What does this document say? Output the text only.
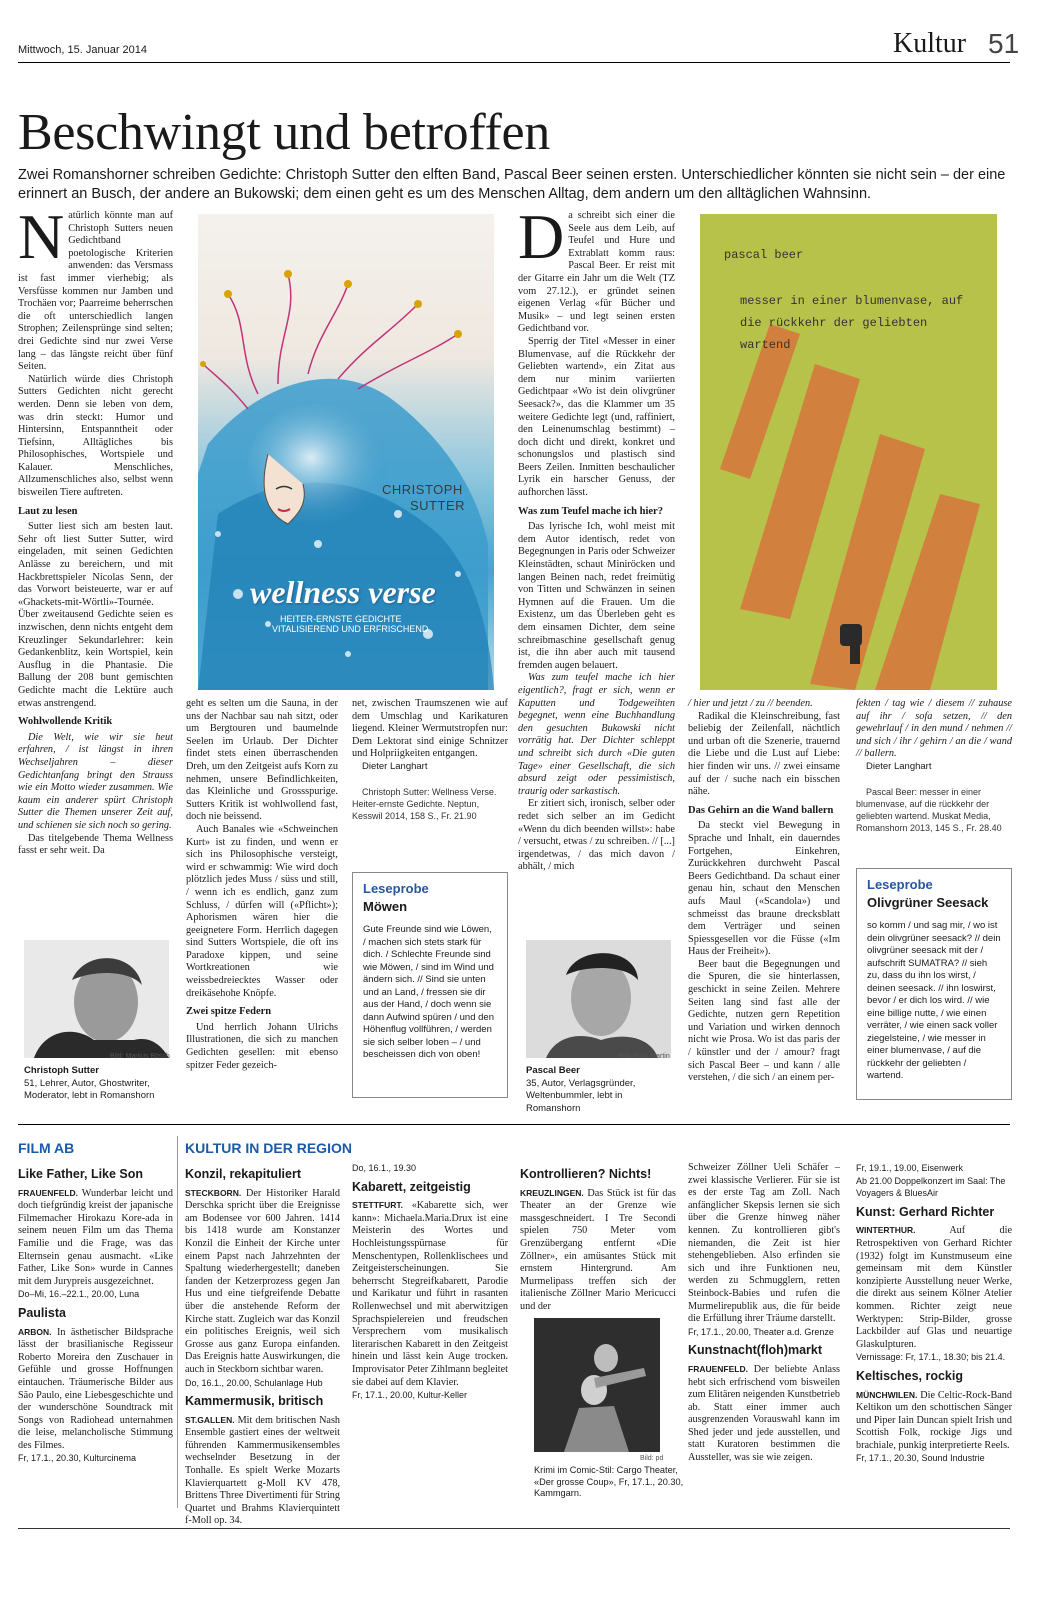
Mittwoch, 15. Januar 2014	Kultur 51
Beschwingt und betroffen
Zwei Romanshorner schreiben Gedichte: Christoph Sutter den elften Band, Pascal Beer seinen ersten. Unterschiedlicher könnten sie nicht sein – der eine erinnert an Busch, der andere an Bukowski; dem einen geht es um des Menschen Alltag, dem andern um den alltäglichen Wahnsinn.
N atürlich könnte man auf Christoph Sutters neuen Gedichtband poetologische Kriterien anwenden: das Versmass ist fast immer vierhebig; als Versfüsse kommen nur Jamben und Trochäen vor; Paarreime beherrschen die oft unterschiedlich langen Strophen; Zeilensprünge sind selten; drei Gedichte sind nur zwei Verse lang – das längste reicht über fünf Seiten.

Natürlich würde dies Christoph Sutters Gedichten nicht gerecht werden. Denn sie leben von dem, was drin steckt: Humor und Hintersinn, Entspanntheit oder Tiefsinn, Alltägliches bis Philosophisches, Wortspiele und Kalauer. Menschliches, Allzumenschliches also, selbst wenn bisweilen Tiere auftreten.

Laut zu lesen

Sutter liest sich am besten laut. Sehr oft liest Sutter Sutter, wird eingeladen, mit seinen Gedichten Anlässe zu bereichern, und mit Hackbrettspieler Nicolas Senn, der das Vorwort beisteuerte, war er auf «Ghackets-mit-Wörtli»-Tournée. Über zweitausend Gedichte seien es inzwischen, denn nichts entgeht dem Kreuzlinger Sekundarlehrer: kein Gedankenblitz, kein Wortspiel, kein Ausflug in die Phantasie. Die Ballung der 208 bunt gemischten Gedichte macht die Lektüre auch etwas anstrengend.

Wohlwollende Kritik

Die Welt, wie wir sie heut erfahren, / ist längst in ihren Wechseljahren – dieser Gedichtanfang bringt den Strauss wie ein Motto wieder zusammen. Wie kaum ein anderer spürt Christoph Sutter die Themen unserer Zeit auf, und schienen sie sich noch so gering.

Das titelgebende Thema Wellness fasst er sehr weit. Da

CHRISTOPH
SUTTER
wellness verse
HEITER-ERNSTE GEDICHTE
VITALISIEREND UND ERFRISCHEND

geht es selten um die Sauna, in der uns der Nachbar sau nah sitzt, oder um Bergtouren und baumelnde Seelen im Urlaub. Der Dichter findet stets einen überraschenden Dreh, um den Zeitgeist aufs Korn zu nehmen, unsere Befindlichkeiten, das Kleinliche und Grossspurige. Sutters Kritik ist wohlwollend fast, doch nie beissend.

Auch Banales wie «Schweinchen Kurt» ist zu finden, und wenn er sich ins Philosophische versteigt, wird er schwammig: Wie wird doch plötzlich jedes Muss / süss und still, / wenn ich es endlich, ganz zum Schluss, / dürfen will («Pflicht»); Aphorismen wären hier die geeignetere Form. Herrlich dagegen sind Sutters Wortspiele, die oft ins Paradoxe kippen, und seine Wortkreationen wie weissbedreiecktes Wasser oder dreikäsehohe Knöpfe.

Zwei spitze Federn

Und herrlich Johann Ulrichs Illustrationen, die sich zu manchen Gedichten gesellen: mit ebenso spitzer Feder gezeich-

net, zwischen Traumszenen wie auf dem Umschlag und Karikaturen liegend. Kleiner Wermutstropfen nur: Dem Lektorat sind einige Schnitzer und Holpriigkeiten entgangen.

Dieter Langhart

Christoph Sutter: Wellness Verse. Heiter-ernste Gedichte. Neptun, Kesswil 2014, 158 S., Fr. 21.90

Bild: Markus Bösch
Christoph Sutter
51, Lehrer, Autor, Ghostwriter, Moderator, lebt in Romanshorn
Leseprobe
Möwen
Gute Freunde sind wie Löwen, / machen sich stets stark für dich. / Schlechte Freunde sind wie Möwen, / sind im Wind und ändern sich. // Sind sie unten und an Land, / fressen sie dir aus der Hand, / doch wenn sie dann Aufwind spüren / und den Höhenflug vollführen, / werden sie sich selber loben – / und bescheissen dich von oben!
D a schreibt sich einer die Seele aus dem Leib, auf Teufel und Hure und Extrablatt komm raus: Pascal Beer. Er reist mit der Gitarre ein Jahr um die Welt (TZ vom 27.12.), er gründet seinen eigenen Verlag «für Bücher und Musik» – und legt seinen ersten Gedichtband vor.

Sperrig der Titel «Messer in einer Blumenvase, auf die Rückkehr der Geliebten wartend», ein Zitat aus dem nur minim variierten Gedichtpaar «Wo ist dein olivgrüner Seesack?», das die Klammer um 35 weitere Gedichte legt (und, raffiniert, den Leinenumschlag bestimmt) – doch dicht und direkt, konkret und schonungslos und plastisch sind Beers Zeilen. Inmitten beschaulicher Lyrik ein harscher Genuss, der aufhorchen lässt.

Was zum Teufel mache ich hier?

Das lyrische Ich, wohl meist mit dem Autor identisch, redet von Begegnungen in Paris oder Schweizer Kleinstädten, schaut Miniröcken und langen Beinen nach, redet freimütig von Titten und Schwänzen in seinen Hymnen auf die Frauen. Um die Existenz, um das Überleben geht es dem einsamen Dichter, dem seine schreibmaschine gesellschaft genug ist, die ihn aber auch mit tausend fremden augen belauert.

Was zum teufel mache ich hier eigentlich?, fragt er sich, wenn er Kaputten und Todgeweihten begegnet, wenn eine Buchhandlung den gesuchten Bukowski nicht vorrätig hat. Der Dichter schleppt und schreibt sich durch «Die guten Tage» einer Gesellschaft, die sich absurd zeigt oder pessimistisch, traurig oder sarkastisch.

Er zitiert sich, ironisch, selber oder redet sich selber an im Gedicht «Wenn du dich beenden willst»: habe / versucht, etwas / zu schreiben. // [...] irgendetwas, / das mich davon / abhält, / mich

pascal beer
messer in einer blumenvase, auf die rückkehr der geliebten wartend

/ hier und jetzt / zu // beenden.

Radikal die Kleinschreibung, fast beliebig der Zeilenfall, nächtlich und urban oft die Szenerie, trauernd die Liebe und die Lust auf Liebe: hier finden wir uns. // zwei einsame auf der / suche nach ein bisschen nähe.

Das Gehirn an die Wand ballern

Da steckt viel Bewegung in Sprache und Inhalt, ein dauerndes Fortgehen, Einkehren, Zurückkehren durchweht Pascal Beers Gedichtband. Da schaut einer genau hin, schaut den Menschen aufs Maul («Scandola») und schmeisst das braune drecksblatt dem Verträger und seinen Spiessgesellen vor die Füsse («Im Haus der Freiheit»).

Beer baut die Begegnungen und die Spuren, die sie hinterlassen, geschickt in seine Zeilen. Mehrere Seiten lang sind fast alle der Gedichte, nutzen gern Repetition und Variation und wirken dennoch nicht wie Prosa. Wo ist das paris der / künstler und der / amour? fragt sich Pascal Beer – und kann / alle verstehen, / die sich / an einem per-

fekten / tag wie / diesem // zuhause auf ihr / sofa setzen, // den gewehrlauf / in den mund / nehmen // und sich / ihr / gehirn / an die / wand // ballern.

Dieter Langhart

Pascal Beer: messer in einer blumenvase, auf die rückkehr der geliebten wartend. Muskat Media, Romanshorn 2013, 145 S., Fr. 28.40

Bild: Reto Martin
Pascal Beer
35, Autor, Verlagsgründer, Weltenbummler, lebt in Romanshorn
Leseprobe
Olivgrüner Seesack
so komm / und sag mir, / wo ist dein olivgrüner seesack? // dein olivgrüner seesack mit der / aufschrift SUMATRA? // sieh zu, dass du ihn los wirst, / deinen seesack. // ihn loswirst, bevor / er dich los wird. // wie eine billige nutte, / wie einen verräter, / wie einen sack voller ziegelsteine, / wie messer in einer blumenvase, / auf die rückkehr der geliebten / wartend.
FILM AB	KULTUR IN DER REGION
Like Father, Like Son

FRAUENFELD. Wunderbar leicht und doch tiefgründig kreist der japanische Filmemacher Hirokazu Kore-ada in seinem neuen Film um das Thema Familie und die Frage, was das Elternsein genau ausmacht. «Like Father, Like Son» wurde in Cannes mit dem Jurypreis ausgezeichnet.
Do–Mi, 16.–22.1., 20.00, Luna

Paulista

ARBON. In ästhetischer Bildsprache lässt der brasilianische Regisseur Roberto Moreira den Zuschauer in Gefühle und grosse Hoffnungen eintauchen. Träumerische Bilder aus São Paulo, eine Liebesgeschichte und der wunderschöne Soundtrack mit Songs von Radiohead unternahmen die leise, melancholische Stimmung des Filmes.
Fr, 17.1., 20.30, Kulturcinema

Konzil, rekapituliert

STECKBORN. Der Historiker Harald Derschka spricht über die Ereignisse am Bodensee vor 600 Jahren. 1414 bis 1418 wurde am Konstanzer Konzil die Einheit der Kirche unter einem Papst nach Jahrzehnten der Spaltung wiederhergestellt; daneben fanden der Ketzerprozess gegen Jan Hus und eine tiefgreifende Debatte über die anstehende Reform der Kirche statt. Zugleich war das Konzil ein politisches Ereignis, weil sich Grosse aus ganz Europa einfanden. Das Ereignis hatte Auswirkungen, die auch in Steckborn sichtbar waren.
Do, 16.1., 20.00, Schulanlage Hub

Kammermusik, britisch

ST.GALLEN. Mit dem britischen Nash Ensemble gastiert eines der weltweit führenden Kammermusikensembles wechselnder Besetzung in der Tonhalle. Es spielt Werke Mozarts Klavierquartett g-Moll KV 478, Brittens Three Divertimenti für String Quartet und Brahms Klavierquintett f-Moll op. 34.

Do, 16.1., 19.30

Kabarett, zeitgeistig

STETTFURT. «Kabarette sich, wer kann»: Michaela.Maria.Drux ist eine Meisterin des Wortes und Hochleistungsspürnase für Menschentypen, Rollenklischees und Zeitgeisterscheinungen. Sie beherrscht Stegreifkabarett, Parodie und Karikatur und führt in rasanten Rollenwechsel und mit aberwitzigen Sprachspielereien und freudschen Versprechern vom musikalisch literarischen Kabarett in den Zeitgeist hinein und lässt kein Auge trocken. Improvisator Peter Zihlmann begleitet sie dabei auf dem Klavier.
Fr, 17.1., 20.00, Kultur-Keller

Kontrollieren? Nichts!

KREUZLINGEN. Das Stück ist für das Theater an der Grenze wie massgeschneidert. I Tre Secondi spielen 750 Meter vom Grenzübergang entfernt «Die Zöllner», ein amüsantes Stück mit ernstem Hintergrund. Am Murmelipass treffen sich der italienische Zöllner Mario Mericucci und der

Bild: pd
Krimi im Comic-Stil: Cargo Theater, «Der grosse Coup», Fr, 17.1., 20.30, Kammgarn.

Schweizer Zöllner Ueli Schäfer – zwei klassische Verlierer. Für sie ist es der erste Tag am Zoll. Nach anfänglicher Skepsis lernen sie sich über die Grenze hinweg näher kennen. Zu kontrollieren gibt's niemanden, die Zeit ist hier stehengeblieben. Also erfinden sie sich und ihre Funktionen neu, werden zu Schmugglern, retten Steinbock-Babies und rufen die Murmelirepublik aus, die für beide die Erfüllung ihrer Träume darstellt.
Fr, 17.1., 20.00, Theater a.d. Grenze

Kunstnacht(floh)markt

FRAUENFELD. Der beliebte Anlass hebt sich erfrischend vom bisweilen zum Elitären neigenden Kunstbetrieb ab. Statt einer immer auch ausgrenzenden Vorauswahl kann im Shed jeder und jede ausstellen, und statt Kuratoren bestimmen die Aussteller, was sie wie zeigen.

Fr, 19.1., 19.00, Eisenwerk
Ab 21.00 Doppelkonzert im Saal: The Voyagers & BluesAir

Kunst: Gerhard Richter

WINTERTHUR.	Auf die Retrospektiven von Gerhard Richter (1932) folgt im Kunstmuseum eine gemeinsam mit dem Künstler konzipierte Ausstellung neuer Werke, die direkt aus seinem Kölner Atelier kommen. Richter zeigt neue Werktypen: Strip-Bilder, grosse Lackbilder auf Glas und neuartige Glaskulpturen.
Vernissage: Fr, 17.1., 18.30; bis 21.4.

Keltisches, rockig

MÜNCHWILEN. Die Celtic-Rock-Band Keltikon um den schottischen Sänger und Piper Iain Duncan spielt Irish und Scottish Folk, rockige Jigs und brachiale, punkig interpretierte Reels.
Fr, 17.1., 20.30, Sound Industrie
